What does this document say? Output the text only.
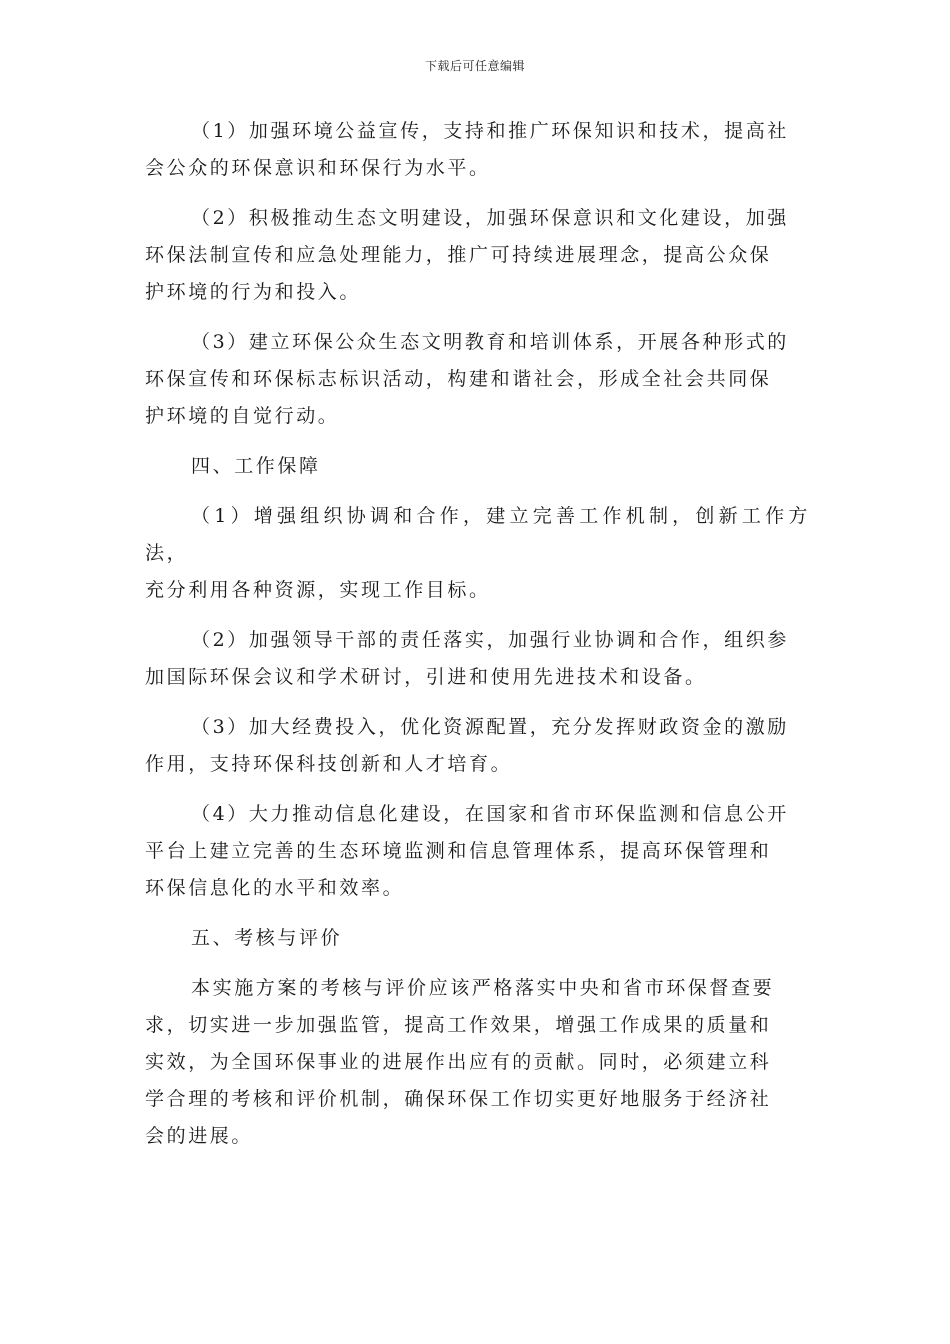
下载后可任意编辑
（1）加强环境公益宣传，支持和推广环保知识和技术，提高社
会公众的环保意识和环保行为水平。
（2）积极推动生态文明建设，加强环保意识和文化建设，加强
环保法制宣传和应急处理能力，推广可持续进展理念，提高公众保
护环境的行为和投入。
（3）建立环保公众生态文明教育和培训体系，开展各种形式的
环保宣传和环保标志标识活动，构建和谐社会，形成全社会共同保
护环境的自觉行动。
四、工作保障
（1）增强组织协调和合作，建立完善工作机制，创新工作方法，
充分利用各种资源，实现工作目标。
（2）加强领导干部的责任落实，加强行业协调和合作，组织参
加国际环保会议和学术研讨，引进和使用先进技术和设备。
（3）加大经费投入，优化资源配置，充分发挥财政资金的激励
作用，支持环保科技创新和人才培育。
（4）大力推动信息化建设，在国家和省市环保监测和信息公开
平台上建立完善的生态环境监测和信息管理体系，提高环保管理和
环保信息化的水平和效率。
五、考核与评价
本实施方案的考核与评价应该严格落实中央和省市环保督查要
求，切实进一步加强监管，提高工作效果，增强工作成果的质量和
实效，为全国环保事业的进展作出应有的贡献。同时，必须建立科
学合理的考核和评价机制，确保环保工作切实更好地服务于经济社
会的进展。
